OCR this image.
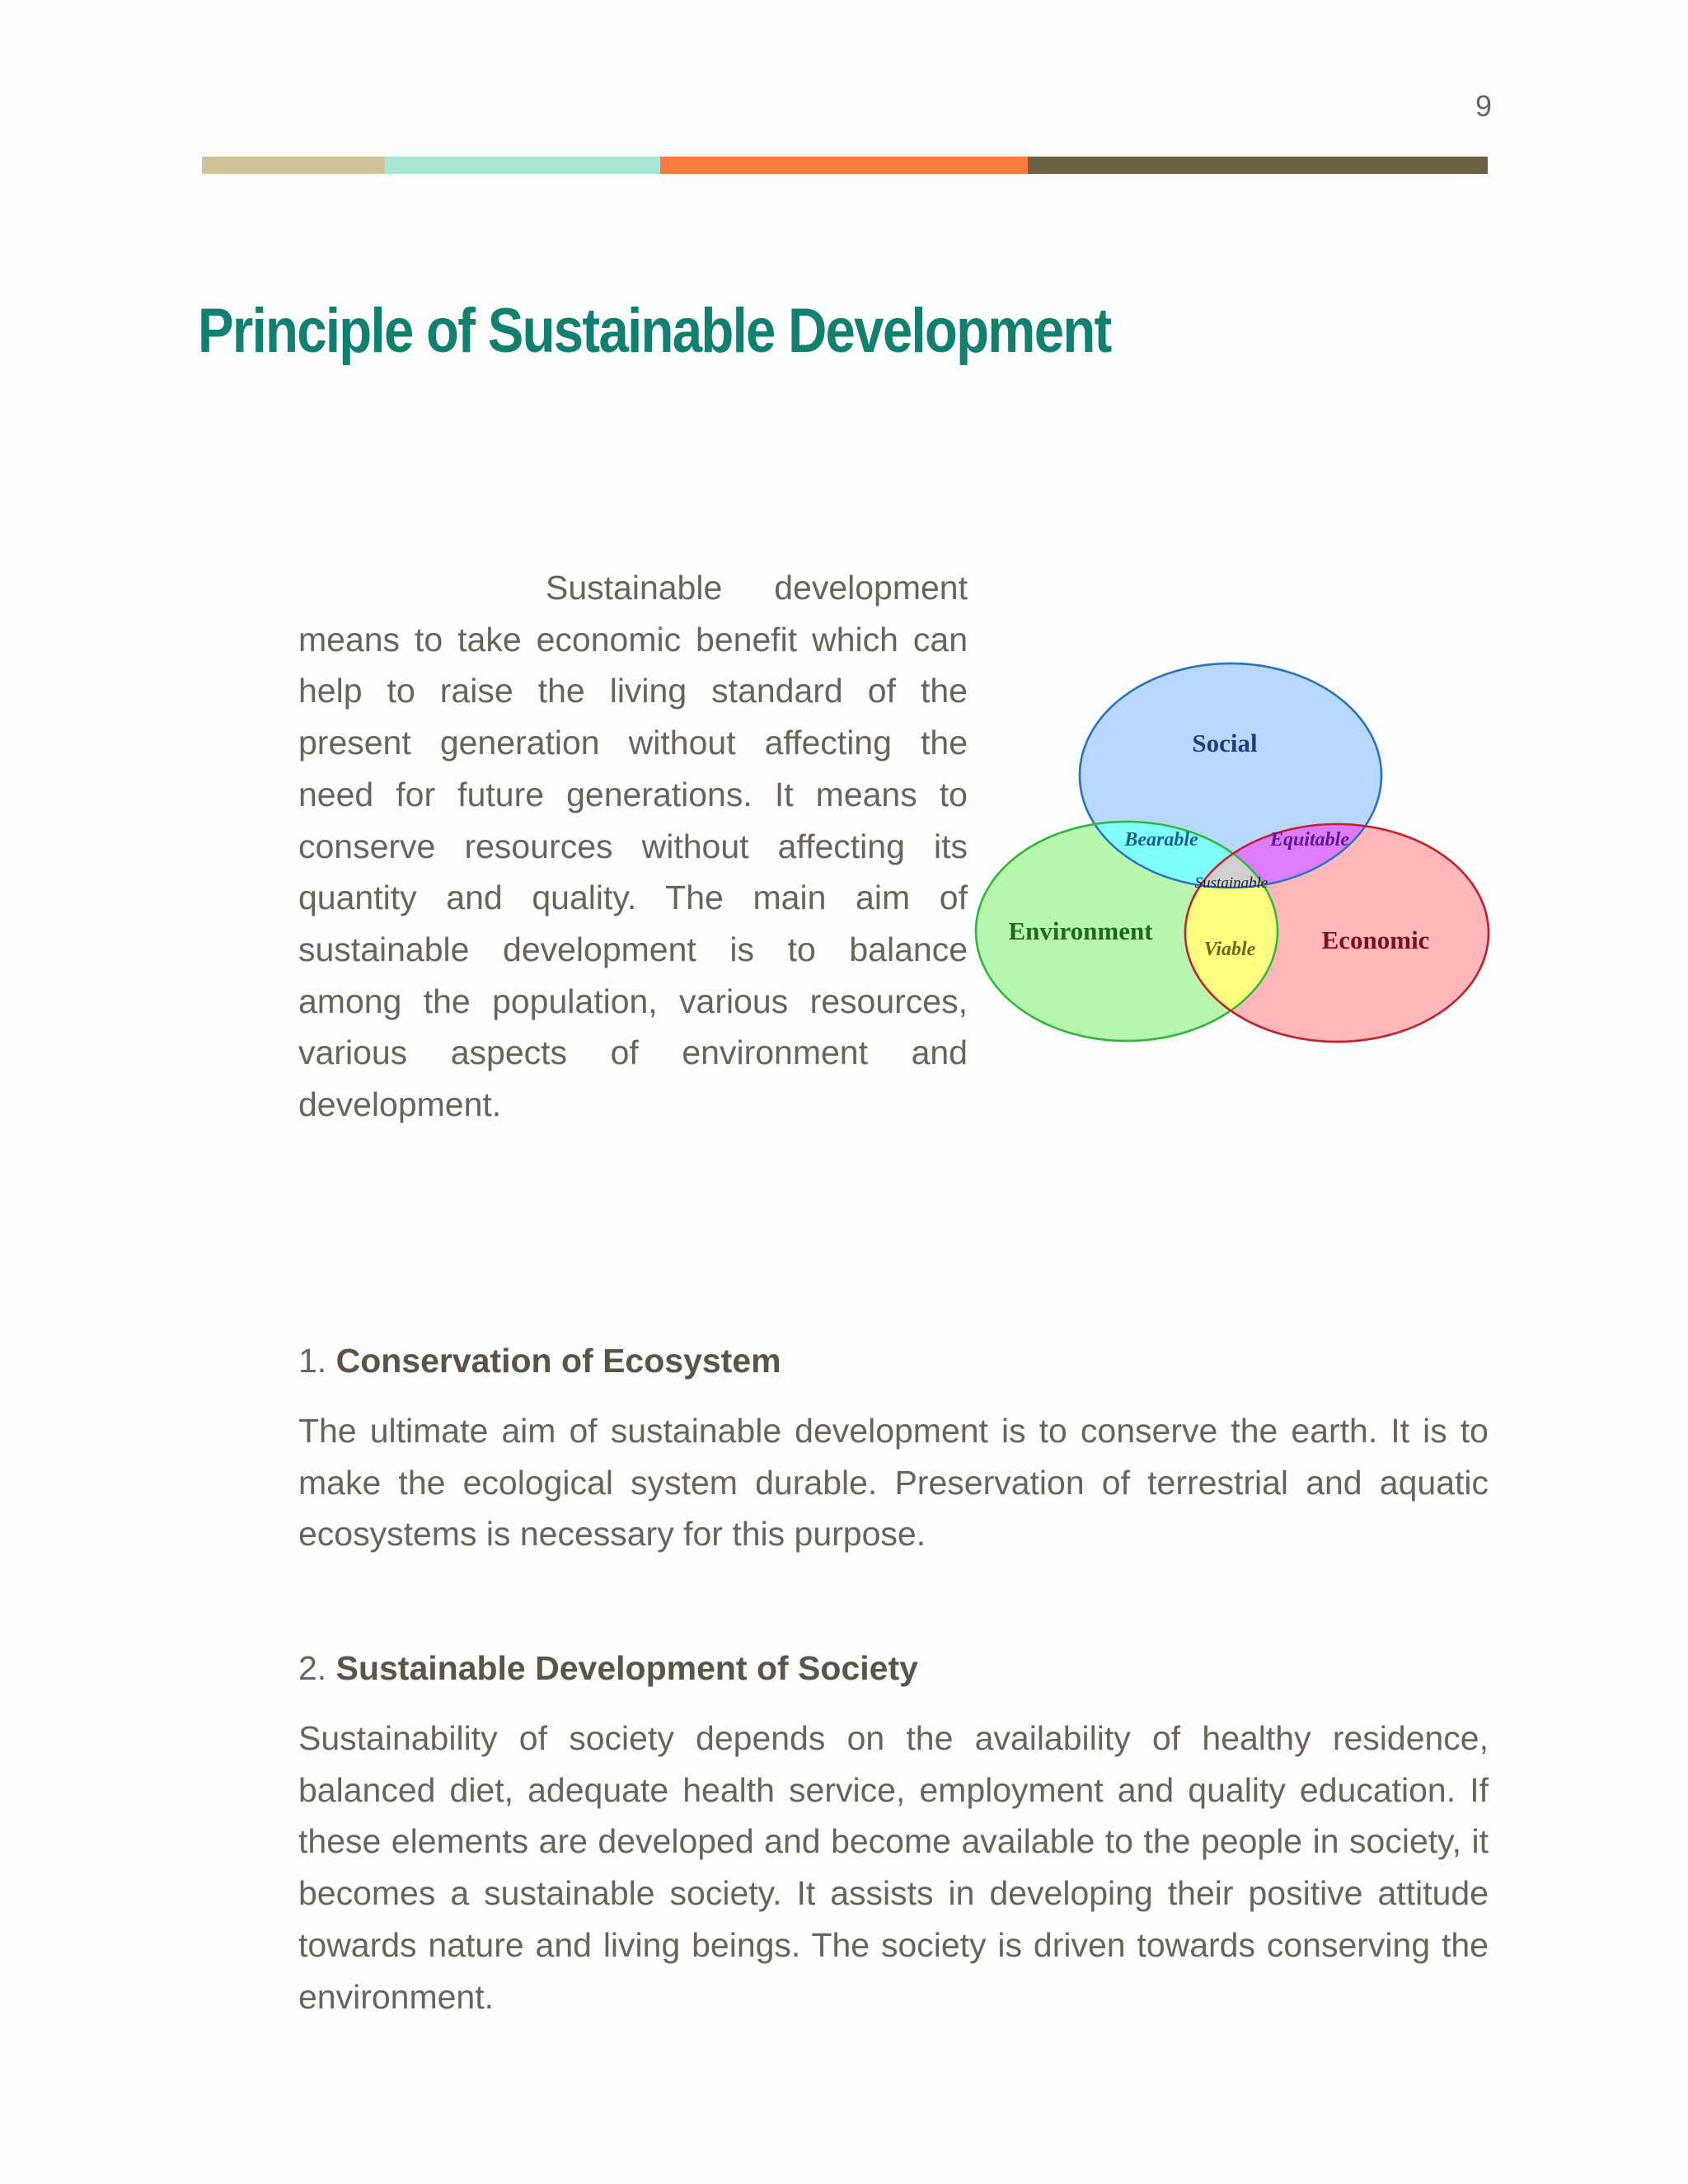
9
Principle of Sustainable Development

Sustainable development means to take economic benefit which can help to raise the living standard of the present generation without affecting the need for future generations. It means to conserve resources without affecting its quantity and quality. The main aim of sustainable development is to balance among the population, various resources, various aspects of environment and development.

Social
Environment	Economic
Bearable	Equitable
Sustainable
Viable

1. Conservation of Ecosystem

The ultimate aim of sustainable development is to conserve the earth. It is to make the ecological system durable. Preservation of terrestrial and aquatic ecosystems is necessary for this purpose.

2. Sustainable Development of Society

Sustainability of society depends on the availability of healthy residence, balanced diet, adequate health service, employment and quality education. If these elements are developed and become available to the people in society, it becomes a sustainable society. It assists in developing their positive attitude towards nature and living beings. The society is driven towards conserving the environment.
